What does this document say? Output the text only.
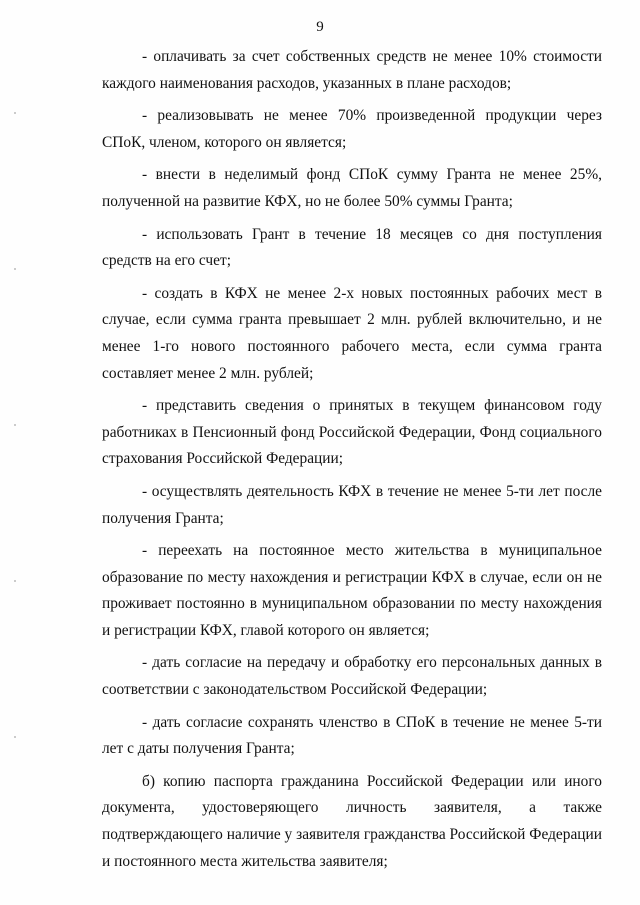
9

- оплачивать за счет собственных средств не менее 10% стоимости каждого наименования расходов, указанных в плане расходов;

- реализовывать не менее 70% произведенной продукции через СПоК, членом, которого он является;

- внести в неделимый фонд СПоК сумму Гранта не менее 25%, полученной на развитие КФХ, но не более 50% суммы Гранта;

- использовать Грант в течение 18 месяцев со дня поступления средств на его счет;

- создать в КФХ не менее 2-х новых постоянных рабочих мест в случае, если сумма гранта превышает 2 млн. рублей включительно, и не менее 1-го нового постоянного рабочего места, если сумма гранта составляет менее 2 млн. рублей;

- представить сведения о принятых в текущем финансовом году работниках в Пенсионный фонд Российской Федерации, Фонд социального страхования Российской Федерации;

- осуществлять деятельность КФХ в течение не менее 5-ти лет после получения Гранта;

- переехать на постоянное место жительства в муниципальное образование по месту нахождения и регистрации КФХ в случае, если он не проживает постоянно в муниципальном образовании по месту нахождения и регистрации КФХ, главой которого он является;

- дать согласие на передачу и обработку его персональных данных в соответствии с законодательством Российской Федерации;

- дать согласие сохранять членство в СПоК в течение не менее 5-ти лет с даты получения Гранта;

б) копию паспорта гражданина Российской Федерации или иного документа, удостоверяющего личность заявителя, а также подтверждающего наличие у заявителя гражданства Российской Федерации и постоянного места жительства заявителя;
